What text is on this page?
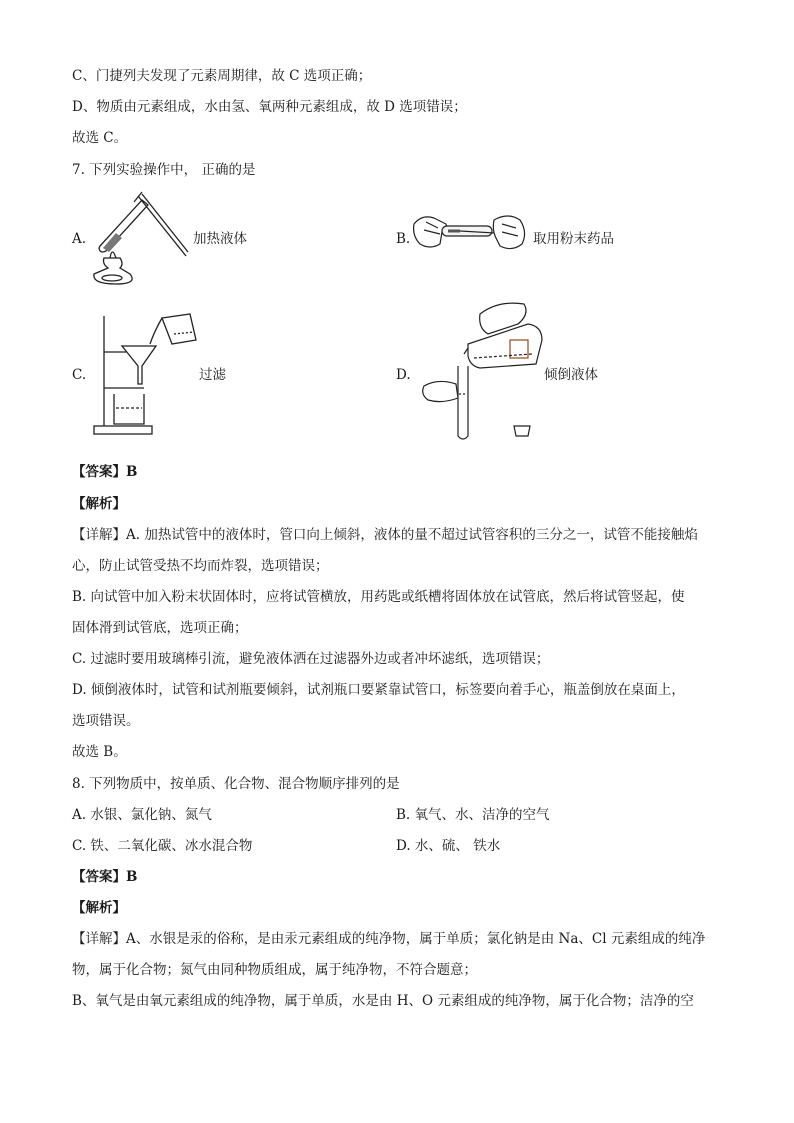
C、门捷列夫发现了元素周期律，故 C 选项正确；
D、物质由元素组成，水由氢、氧两种元素组成，故 D 选项错误；
故选 C。
7. 下列实验操作中， 正确的是
A.	加热液体	B.	取用粉末药品
C.	过滤	D.	倾倒液体
【答案】B
【解析】
【详解】A. 加热试管中的液体时，管口向上倾斜，液体的量不超过试管容积的三分之一，试管不能接触焰
心，防止试管受热不均而炸裂，选项错误；
B. 向试管中加入粉末状固体时，应将试管横放，用药匙或纸槽将固体放在试管底，然后将试管竖起，使
固体滑到试管底，选项正确；
C. 过滤时要用玻璃棒引流，避免液体洒在过滤器外边或者冲坏滤纸，选项错误；
D. 倾倒液体时，试管和试剂瓶要倾斜，试剂瓶口要紧靠试管口，标签要向着手心，瓶盖倒放在桌面上，
选项错误。
故选 B。
8. 下列物质中，按单质、化合物、混合物顺序排列的是
A. 水银、氯化钠、氮气	B. 氧气、水、洁净的空气
C. 铁、二氧化碳、冰水混合物	D. 水、硫、 铁水
【答案】B
【解析】
【详解】A、水银是汞的俗称，是由汞元素组成的纯净物，属于单质；氯化钠是由 Na、Cl 元素组成的纯净
物，属于化合物；氮气由同种物质组成，属于纯净物，不符合题意；
B、氧气是由氧元素组成的纯净物，属于单质，水是由 H、O 元素组成的纯净物，属于化合物；洁净的空
